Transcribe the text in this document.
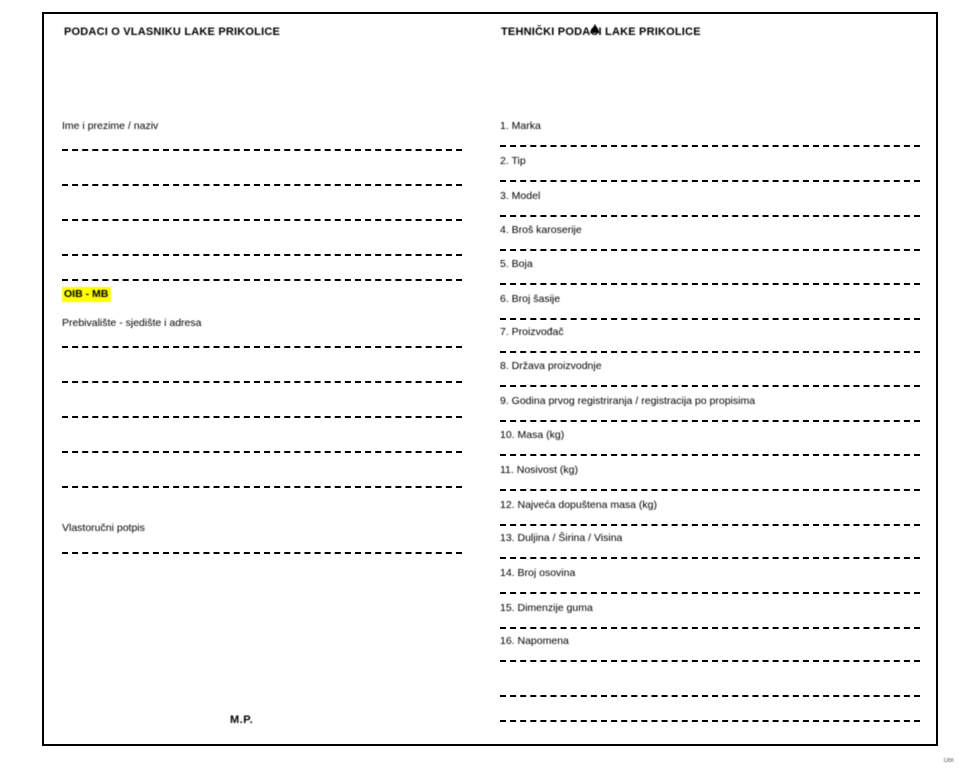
PODACI O VLASNIKU LAKE PRIKOLICE
Ime i prezime / naziv
OIB - MB
Prebivalište - sjedište i adresa
Vlastoručni potpis
M.P.
TEHNIČKI PODACI LAKE PRIKOLICE
1. Marka
2. Tip
3. Model
4. Broš karoserije
5. Boja
6. Broj šasije
7. Proizvođač
8. Država proizvodnje
9. Godina prvog registriranja / registracija po propisima
10. Masa (kg)
11. Nosivost (kg)
12. Najveća dopuštena masa (kg)
13. Duljina / Širina / Visina
14. Broj osovina
15. Dimenzije guma
16. Napomena
Obr.
